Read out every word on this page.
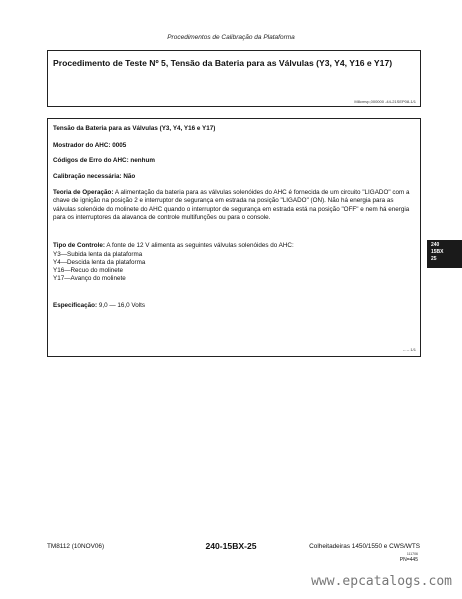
Procedimentos de Calibração da Plataforma
Procedimento de Teste Nº 5, Tensão da Bateria para as Válvulas (Y3, Y4, Y16 e Y17)
M8cmvp,000000 -44-21SEP08-1/1
Tensão da Bateria para as Válvulas (Y3, Y4, Y16 e Y17)
Mostrador do AHC: 0005
Códigos de Erro do AHC: nenhum
Calibração necessária: Não
Teoria de Operação: A alimentação da bateria para as válvulas solenóides do AHC é fornecida de um circuito "LIGADO" com a chave de ignição na posição 2 e interruptor de segurança em estrada na posição "LIGADO" (ON). Não há energia para as válvulas solenóide do molinete do AHC quando o interruptor de segurança em estrada está na posição "OFF" e nem há energia para os interruptores da alavanca de controle multifunções ou para o console.
Tipo de Controle: A fonte de 12 V alimenta as seguintes válvulas solenóides do AHC:
Y3—Subida lenta da plataforma
Y4—Descida lenta da plataforma
Y16—Recuo do molinete
Y17—Avanço do molinete
Especificação: 9,0 — 16,0 Volts
-- -- 1/1
240
15BX
25
TM8112 (10NOV06)	240-15BX-25	Colheitadeiras 1450/1550 e CWS/WTS
111706
PN=445
www.epcatalogs.com
